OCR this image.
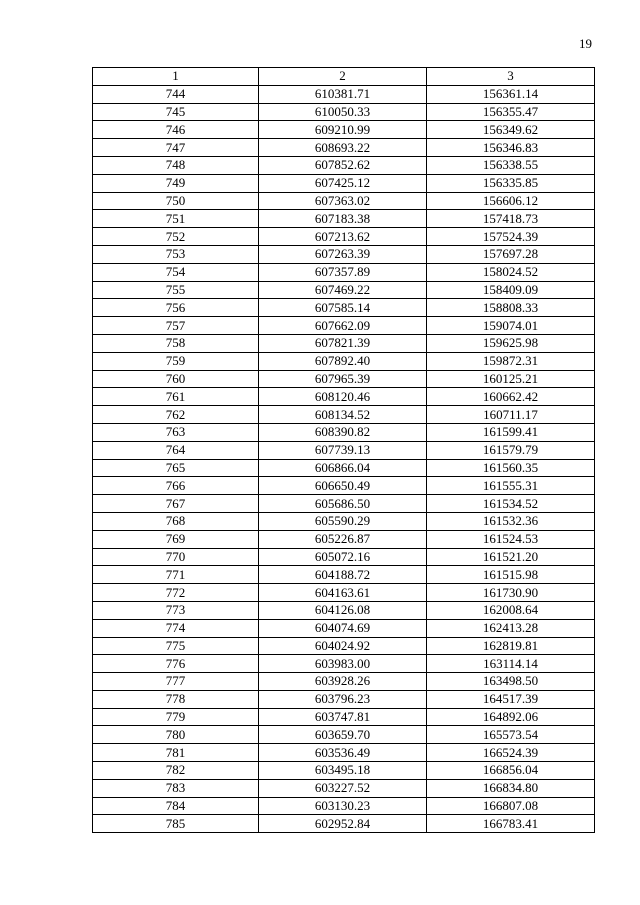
19
1	2	3
744	610381.71	156361.14
745	610050.33	156355.47
746	609210.99	156349.62
747	608693.22	156346.83
748	607852.62	156338.55
749	607425.12	156335.85
750	607363.02	156606.12
751	607183.38	157418.73
752	607213.62	157524.39
753	607263.39	157697.28
754	607357.89	158024.52
755	607469.22	158409.09
756	607585.14	158808.33
757	607662.09	159074.01
758	607821.39	159625.98
759	607892.40	159872.31
760	607965.39	160125.21
761	608120.46	160662.42
762	608134.52	160711.17
763	608390.82	161599.41
764	607739.13	161579.79
765	606866.04	161560.35
766	606650.49	161555.31
767	605686.50	161534.52
768	605590.29	161532.36
769	605226.87	161524.53
770	605072.16	161521.20
771	604188.72	161515.98
772	604163.61	161730.90
773	604126.08	162008.64
774	604074.69	162413.28
775	604024.92	162819.81
776	603983.00	163114.14
777	603928.26	163498.50
778	603796.23	164517.39
779	603747.81	164892.06
780	603659.70	165573.54
781	603536.49	166524.39
782	603495.18	166856.04
783	603227.52	166834.80
784	603130.23	166807.08
785	602952.84	166783.41
